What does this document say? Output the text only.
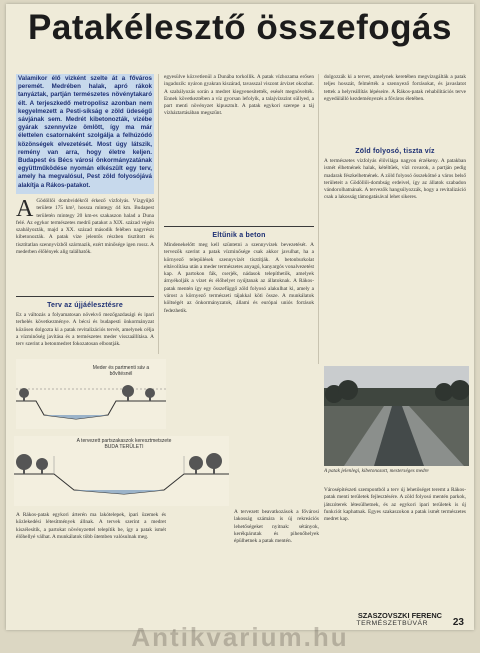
Patakélesztő összefogás
Valamikor élő vizként szelte át a főváros peremét. Medrében halak, apró rákok tanyáztak, partján természetes növénytakaró élt. A terjeszkedő metropolisz azonban nem kegyelmezett a Pesti-síkság e zöld üdeségű sávjának sem. Medrét kibetonozták, vizébe gyárak szennyvize ömlött, így ma már élettelen csatornaként szolgálja a felhúzódó közönségek elvezetését. Most úgy látszik, remény van arra, hogy életre keljen. Budapest és Bécs városi önkormányzatának együttműködése nyomán elkészült egy terv, amely ha megvalósul, Pest zöld folyosójává alakítja a Rákos-patakot.

A Gödöllői dombvidékről érkező vízfolyás. Vízgyűjtő területe 175 km², hossza mintegy 44 km. Budapest területén mintegy 20 km-es szakaszon halad a Duna felé. Az egykor természetes medrű patakot a XIX. század végén szabályozták, majd a XX. század második felében nagyrészt kibetonozták. A patak vize jelentős részben tisztított és tisztítatlan szennyvízből származik, ezért minősége igen rossz. A mederben élőlények alig találhatók.

Terv az újjáélesztésre

Ez a változás a folyamatosan növekvő mezőgazdasági és ipari terhelés következménye. A bécsi és budapesti önkormányzat közösen dolgozta ki a patak revitalizációs tervét, amelynek célja a vízminőség javítása és a természetes meder visszaállítása. A terv szerint a betonmedret fokozatosan elbontják.

Meder és partmenti sáv a bővítésnél
A tervezett partszakaszok keresztmetszete BUDA TERÜLETI

A Rákos-patak egykori árterén ma lakótelepek, ipari üzemek és közlekedési létesítmények állnak. A tervek szerint a medret kiszélesítik, a partokat növényzettel telepítik be, így a patak ismét élőhellyé válhat. A munkálatok több ütemben valósulnak meg.

egyesülve közvetlenül a Dunába torkollik. A patak vízhozama erősen ingadozik: nyáron gyakran kiszárad, tavasszal viszont árvizet okozhat. A szabályozás során a medret kiegyenesítették, esését megnövelték. Ennek következtében a víz gyorsan lefolyik, a talajvízszint süllyed, a part menti növényzet kipusztult. A patak egykori szerepe a táj vízháztartásában megszűnt.

Eltűnik a beton

Mindenekelőtt meg kell szüntetni a szennyvizek bevezetését. A tervezők szerint a patak vízminősége csak akkor javulhat, ha a környező települések szennyvizét tisztítják. A betonburkolat eltávolítása után a meder természetes anyagú, kanyargós vonalvezetést kap. A partokon fák, cserjék, nádasok telepíthetők, amelyek árnyékolják a vizet és élőhelyet nyújtanak az állatoknak. A Rákos-patak mentén így egy összefüggő zöld folyosó alakulhat ki, amely a várost a környező természeti tájakkal köti össze. A munkálatok költségét az önkormányzatok, állami és európai uniós források fedezhetik.

A tervezett beavatkozások a fővárosi lakosság számára is új rekreációs lehetőségeket nyitnak: sétányok, kerékpárutak és pihenőhelyek épülhetnek a patak mentén.

dolgozzák ki a tervet, amelynek keretében megvizsgálták a patak teljes hosszát, felmérték a szennyező forrásokat, és javaslatot tettek a helyreállítás lépéseire. A Rákos-patak rehabilitációs terve egyedülálló kezdeményezés a főváros életében.

Zöld folyosó, tiszta víz

A természetes vízfolyás élővilága nagyon érzékeny. A patakban ismét élhetnének halak, kétéltűek, vízi rovarok, a partján pedig madarak fészkelhetnének. A zöld folyosó összekötné a város belső területeit a Gödöllői-dombság erdeivel, így az állatok szabadon vándorolhatnának. A tervezők hangsúlyozzák, hogy a revitalizáció csak a lakosság támogatásával lehet sikeres.

A patak jelenlegi, kibetonozott, mesterséges medre

Városépítészeti szempontból a terv új lehetőséget teremt a Rákos-patak menti területek fejlesztésére. A zöld folyosó mentén parkok, játszóterek létesülhetnek, és az egykori ipari területek is új funkciót kaphatnak. Egyes szakaszokon a patak ismét természetes medret kap.

SZASZOVSZKI FERENC
TERMÉSZETBÚVÁR 23
Antikvarium.hu
